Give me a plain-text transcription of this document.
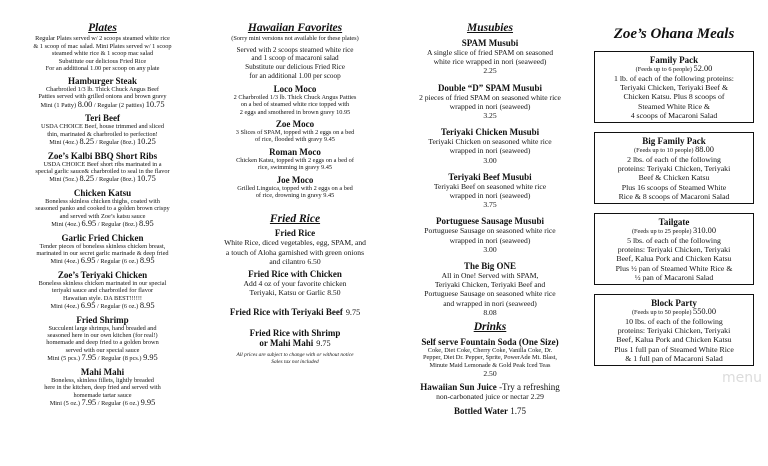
Plates
Regular Plates served w/ 2 scoops steamed white rice
& 1 scoop of mac salad. Mini Plates served w/ 1 scoop
steamed white rice & 1 scoop mac salad
Substitute our delicious Fried Rice
For an additional 1.00 per scoop on any plate
Hamburger Steak
Charbroiled 1/3 lb. Thick Chuck Angus Beef
Patties served with grilled onions and brown gravy
Mini (1 Patty) 8.00 / Regular (2 patties) 10.75
Teri Beef
USDA CHOICE Beef, house trimmed and sliced
thin, marinated & charbroiled to perfection!
Mini (4oz.) 8.25 / Regular (8oz.) 10.25
Zoe’s Kalbi BBQ Short Ribs
USDA CHOICE Beef short ribs marinated in a
special garlic sauce& charbroiled to seal in the flavor
Mini (5oz.) 8.25 / Regular (8oz.) 10.75
Chicken Katsu
Boneless skinless chicken thighs, coated with
seasoned panko and cooked to a golden brown crispy
and served with Zoe’s katsu sauce
Mini (4oz.) 6.95 / Regular (8oz.) 8.95
Garlic Fried Chicken
Tender pieces of boneless skinless chicken breast,
marinated in our secret garlic marinade & deep fried
Mini (4oz.) 6.95 / Regular (6 oz.) 8.95
Zoe’s Teriyaki Chicken
Boneless skinless chicken marinated in our special
teriyaki sauce and charbroiled for flavor
Hawaiian style. DA BEST!!!!!!
Mini (4oz.) 6.95 / Regular (6 oz.) 8.95
Fried Shrimp
Succulent large shrimps, hand breaded and
seasoned here in our own kitchen (for real!)
homemade and deep fried to a golden brown
served with our special sauce
Mini (5 pcs.) 7.95 / Regular (8 pcs.) 9.95
Mahi Mahi
Boneless, skinless fillets, lightly breaded
here in the kitchen, deep fried and served with
homemade tartar sauce
Mini (5 oz.) 7.95 / Regular (6 oz.) 9.95
Hawaiian Favorites
(Sorry mini versions not available for these plates)
Served with 2 scoops steamed white rice
and 1 scoop of macaroni salad
Substitute our delicious Fried Rice
for an additional 1.00 per scoop
Loco Moco
2 Charbroiled 1/3 lb. Thick Chuck Angus Patties
on a bed of steamed white rice topped with
2 eggs and smothered in brown gravy 10.95
Zoe Moco
3 Slices of SPAM, topped with 2 eggs on a bed
of rice, flooded with gravy 9.45
Roman Moco
Chicken Katsu, topped with 2 eggs on a bed of
rice, swimming in gravy 9.45
Joe Moco
Grilled Linguica, topped with 2 eggs on a bed
of rice, drowning in gravy 9.45
Fried Rice
Fried Rice
White Rice, diced vegetables, egg, SPAM, and
a touch of Aloha garnished with green onions
and cilantro 6.50
Fried Rice with Chicken
Add 4 oz of your favorite chicken
Teriyaki, Katsu or Garlic 8.50
Fried Rice with Teriyaki Beef 9.75
Fried Rice with Shrimp
or Mahi Mahi 9.75
All prices are subject to change with or without notice
Sales tax not included
Musubies
SPAM Musubi
A single slice of fried SPAM on seasoned
white rice wrapped in nori (seaweed)
2.25
Double “D” SPAM Musubi
2 pieces of fried SPAM on seasoned white rice
wrapped in nori (seaweed)
3.25
Teriyaki Chicken Musubi
Teriyaki Chicken on seasoned white rice
wrapped in nori (seaweed)
3.00
Teriyaki Beef Musubi
Teriyaki Beef on seasoned white rice
wrapped in nori (seaweed)
3.75
Portuguese Sausage Musubi
Portuguese Sausage on seasoned white rice
wrapped in nori (seaweed)
3.00
The Big ONE
All in One! Served with SPAM,
Teriyaki Chicken, Teriyaki Beef and
Portuguese Sausage on seasoned white rice
and wrapped in nori (seaweed)
8.08
Drinks
Self serve Fountain Soda (One Size)
Coke, Diet Coke, Cherry Coke, Vanilla Coke, Dr.
Pepper, Diet Dr. Pepper, Sprite, PowerAde Mt. Blast,
Minute Maid Lemonade & Gold Peak Iced Teas
2.50
Hawaiian Sun Juice -Try a refreshing
non-carbonated juice or nectar 2.29
Bottled Water 1.75
Zoe’s Ohana Meals
Family Pack
(Feeds up to 6 people) 52.00
1 lb. of each of the following proteins:
Teriyaki Chicken, Teriyaki Beef &
Chicken Katsu. Plus 8 scoops of
Steamed White Rice &
4 scoops of Macaroni Salad
Big Family Pack
(Feeds up to 10 people) 88.00
2 lbs. of each of the following
proteins: Teriyaki Chicken, Teriyaki
Beef & Chicken Katsu
Plus 16 scoops of Steamed White
Rice & 8 scoops of Macaroni Salad
Tailgate
(Feeds up to 25 people) 310.00
5 lbs. of each of the following
proteins: Teriyaki Chicken, Teriyaki
Beef, Kalua Pork and Chicken Katsu
Plus ½ pan of Steamed White Rice &
½ pan of Macaroni Salad
Block Party
(Feeds up to 50 people) 550.00
10 lbs. of each of the following
proteins: Teriyaki Chicken, Teriyaki
Beef, Kalua Pork and Chicken Katsu
Plus 1 full pan of Steamed White Rice
& 1 full pan of Macaroni Salad
menu
